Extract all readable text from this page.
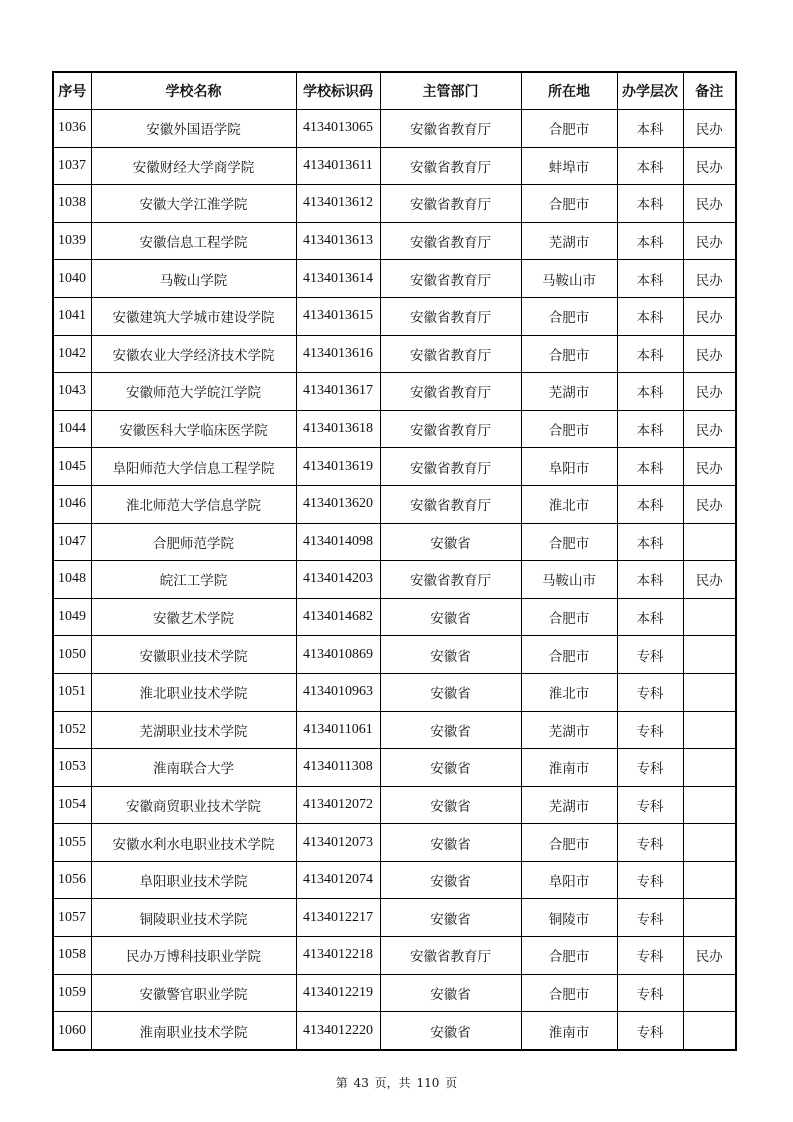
序号	学校名称	学校标识码	主管部门	所在地	办学层次	备注
1036	安徽外国语学院	4134013065	安徽省教育厅	合肥市	本科	民办
1037	安徽财经大学商学院	4134013611	安徽省教育厅	蚌埠市	本科	民办
1038	安徽大学江淮学院	4134013612	安徽省教育厅	合肥市	本科	民办
1039	安徽信息工程学院	4134013613	安徽省教育厅	芜湖市	本科	民办
1040	马鞍山学院	4134013614	安徽省教育厅	马鞍山市	本科	民办
1041	安徽建筑大学城市建设学院	4134013615	安徽省教育厅	合肥市	本科	民办
1042	安徽农业大学经济技术学院	4134013616	安徽省教育厅	合肥市	本科	民办
1043	安徽师范大学皖江学院	4134013617	安徽省教育厅	芜湖市	本科	民办
1044	安徽医科大学临床医学院	4134013618	安徽省教育厅	合肥市	本科	民办
1045	阜阳师范大学信息工程学院	4134013619	安徽省教育厅	阜阳市	本科	民办
1046	淮北师范大学信息学院	4134013620	安徽省教育厅	淮北市	本科	民办
1047	合肥师范学院	4134014098	安徽省	合肥市	本科	
1048	皖江工学院	4134014203	安徽省教育厅	马鞍山市	本科	民办
1049	安徽艺术学院	4134014682	安徽省	合肥市	本科	
1050	安徽职业技术学院	4134010869	安徽省	合肥市	专科	
1051	淮北职业技术学院	4134010963	安徽省	淮北市	专科	
1052	芜湖职业技术学院	4134011061	安徽省	芜湖市	专科	
1053	淮南联合大学	4134011308	安徽省	淮南市	专科	
1054	安徽商贸职业技术学院	4134012072	安徽省	芜湖市	专科	
1055	安徽水利水电职业技术学院	4134012073	安徽省	合肥市	专科	
1056	阜阳职业技术学院	4134012074	安徽省	阜阳市	专科	
1057	铜陵职业技术学院	4134012217	安徽省	铜陵市	专科	
1058	民办万博科技职业学院	4134012218	安徽省教育厅	合肥市	专科	民办
1059	安徽警官职业学院	4134012219	安徽省	合肥市	专科	
1060	淮南职业技术学院	4134012220	安徽省	淮南市	专科	
第 43 页，共 110 页
